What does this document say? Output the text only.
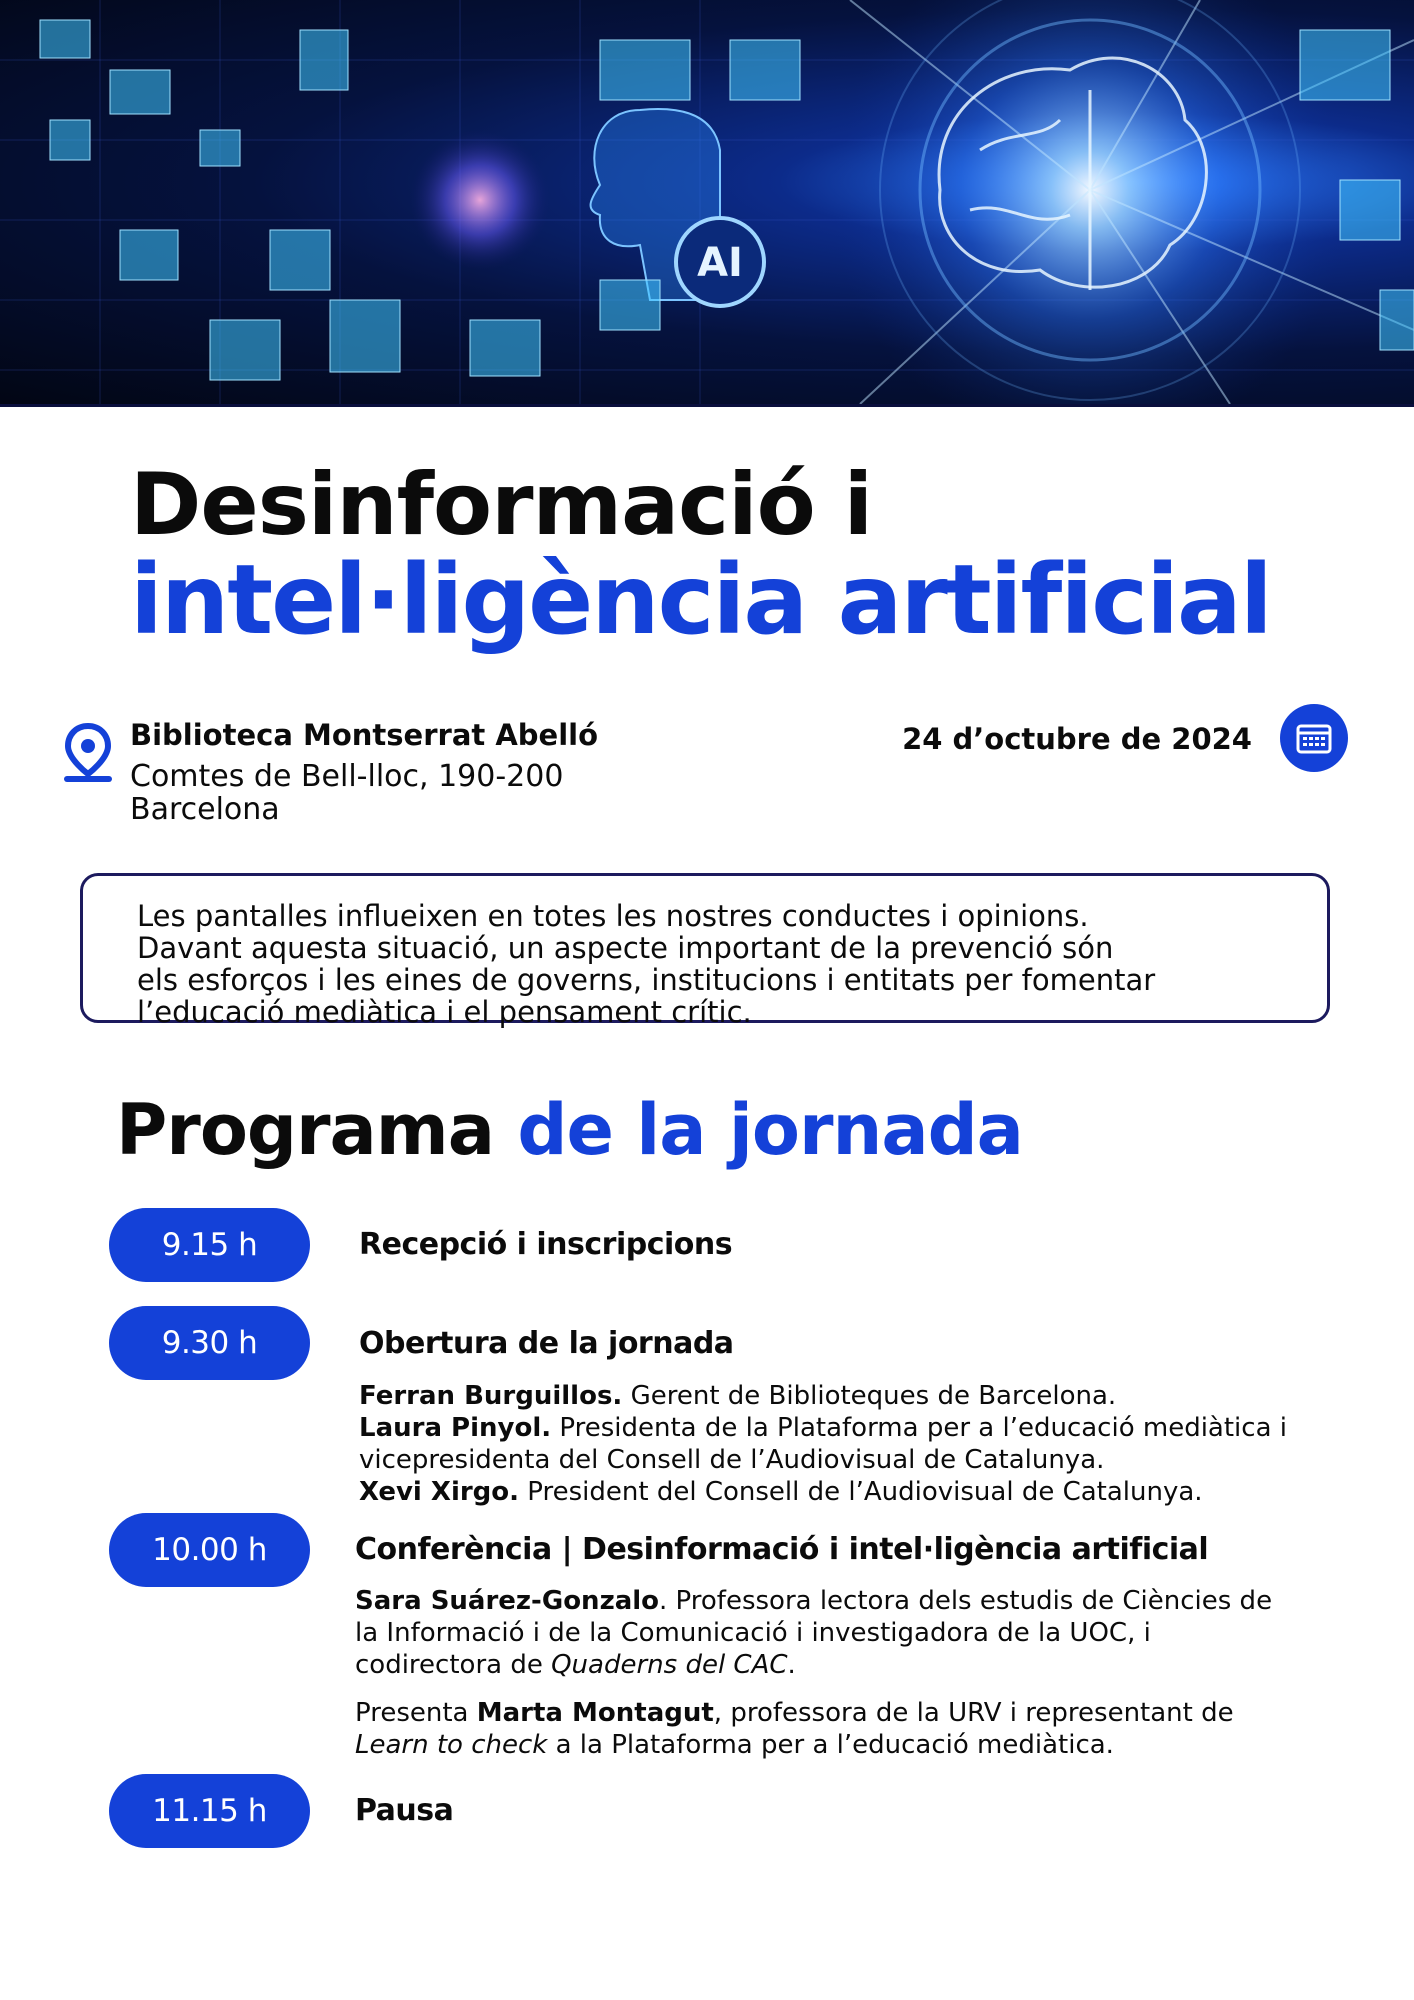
AI
Desinformació i
intel·ligència artificial
Biblioteca Montserrat Abelló
Comtes de Bell-lloc, 190-200
Barcelona
24 d’octubre de 2024

Les pantalles influeixen en totes les nostres conductes i opinions.
Davant aquesta situació, un aspecte important de la prevenció són
els esforços i les eines de governs, institucions i entitats per fomentar
l’educació mediàtica i el pensament crític.

Programa de la jornada
9.15 h	Recepció i inscripcions
9.30 h	Obertura de la jornada
Ferran Burguillos. Gerent de Biblioteques de Barcelona.
Laura Pinyol. Presidenta de la Plataforma per a l’educació mediàtica i
vicepresidenta del Consell de l’Audiovisual de Catalunya.
Xevi Xirgo. President del Consell de l’Audiovisual de Catalunya.
10.00 h	Conferència | Desinformació i intel·ligència artificial
Sara Suárez-Gonzalo. Professora lectora dels estudis de Ciències de
la Informació i de la Comunicació i investigadora de la UOC, i
codirectora de Quaderns del CAC.
Presenta Marta Montagut, professora de la URV i representant de
Learn to check a la Plataforma per a l’educació mediàtica.
11.15 h	Pausa
